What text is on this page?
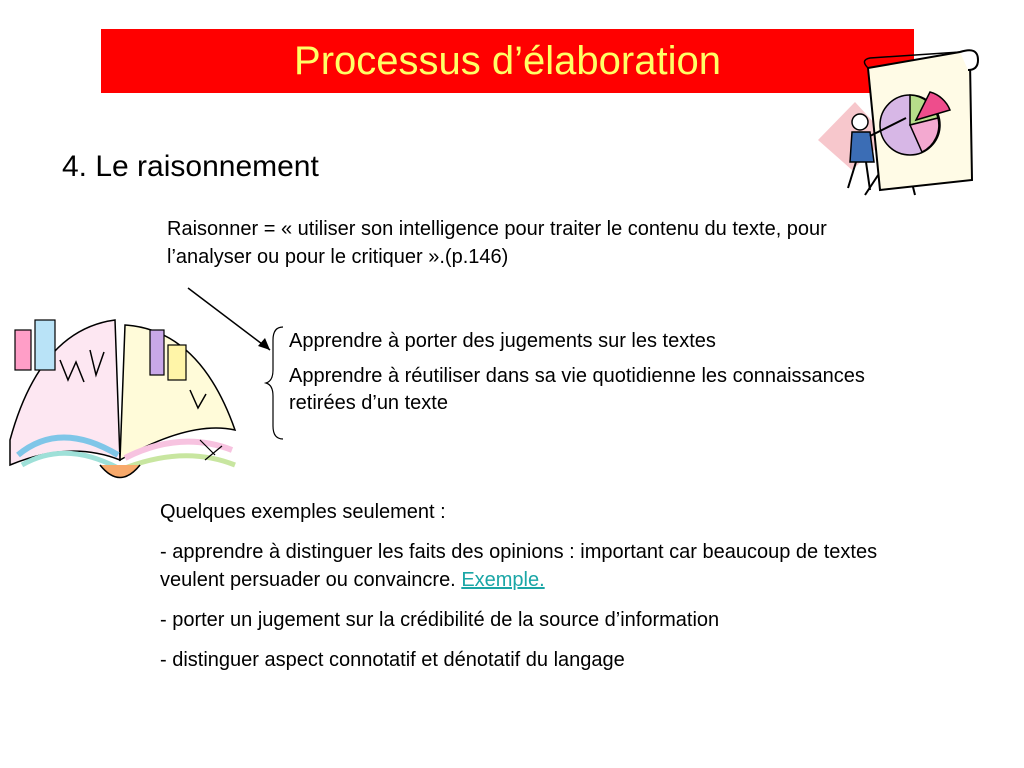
Processus d’élaboration
4. Le raisonnement

Raisonner = « utiliser son intelligence pour traiter le contenu du texte, pour l’analyser ou pour le critiquer ».(p.146)

Apprendre à porter des jugements sur les textes

Apprendre à réutiliser dans sa vie quotidienne les connaissances retirées d’un texte

Quelques exemples seulement :

- apprendre à distinguer les faits des opinions : important car beaucoup de textes veulent persuader ou convaincre. Exemple.

- porter un jugement sur la crédibilité de la source d’information

- distinguer aspect connotatif et dénotatif du langage
